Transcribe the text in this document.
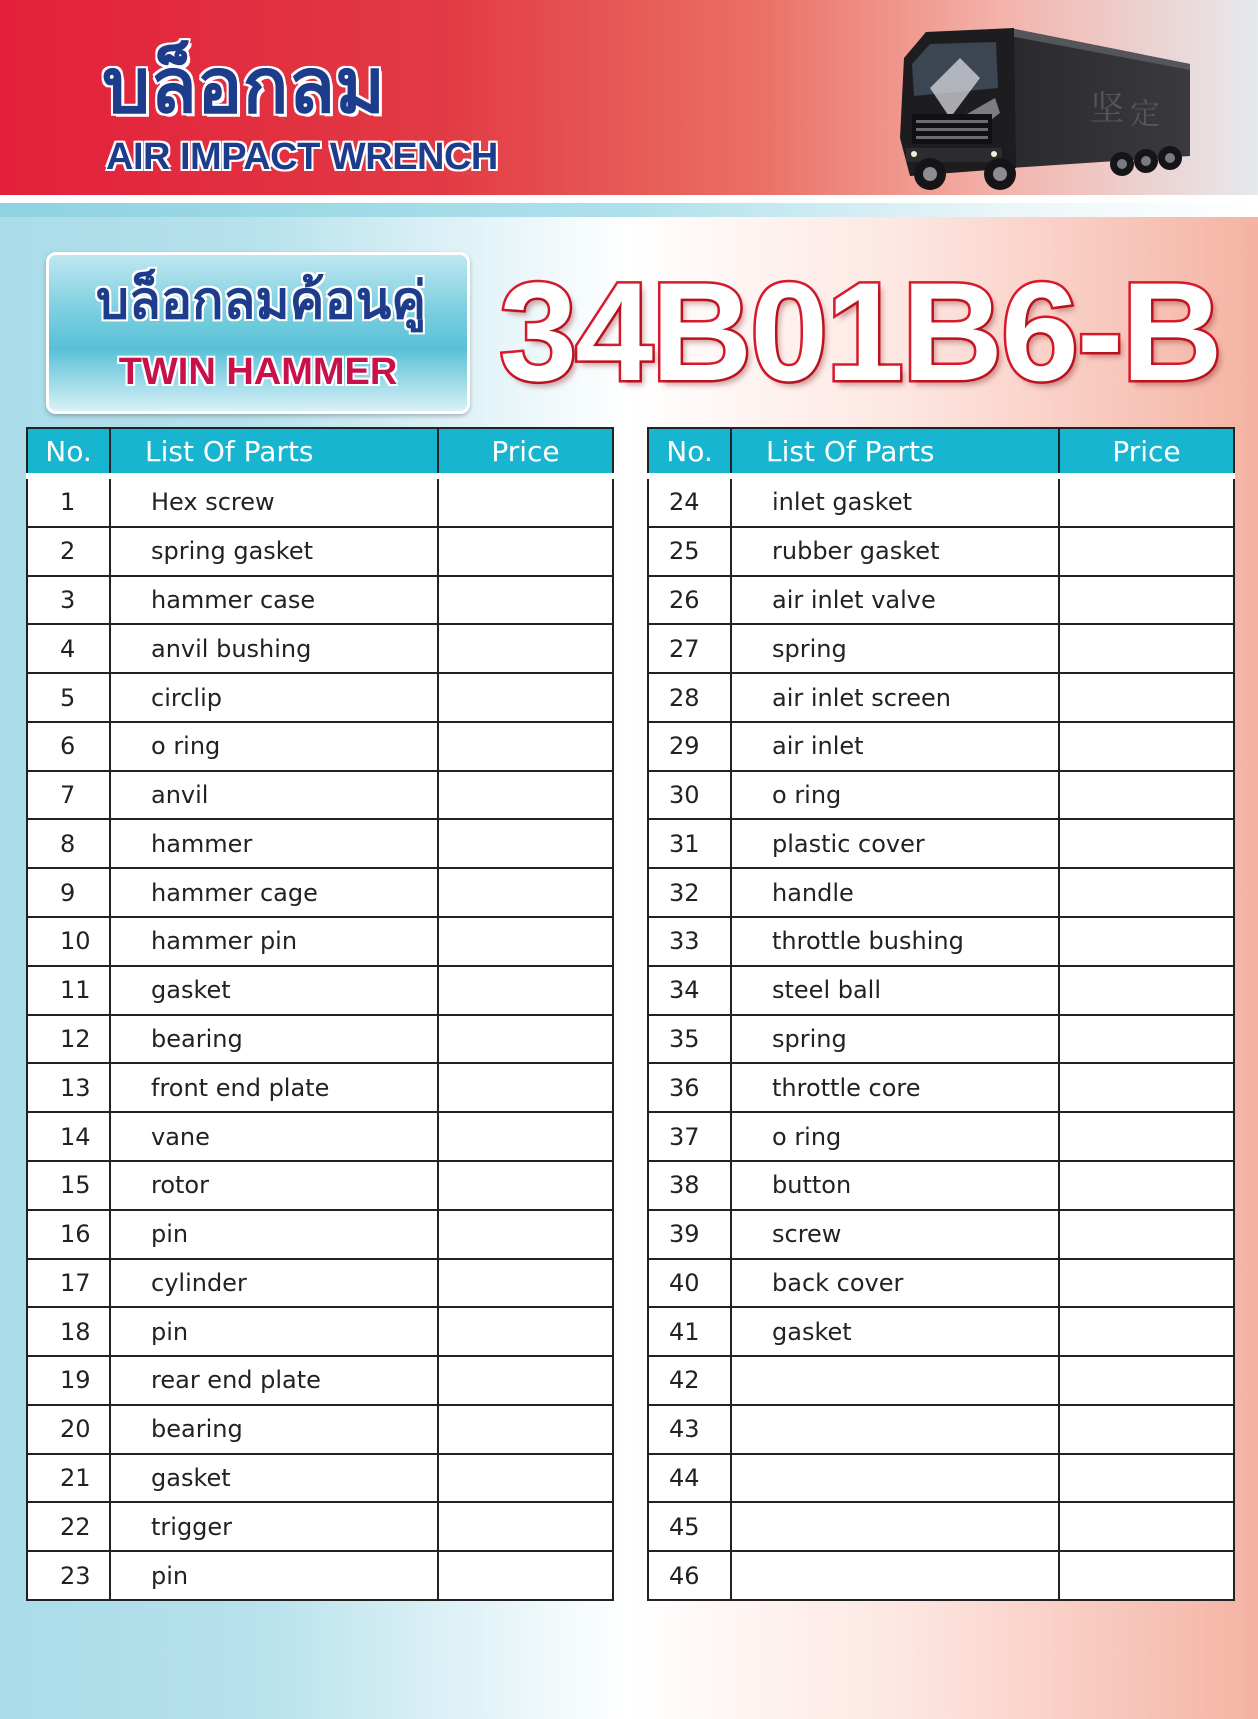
บล็อกลม
AIR IMPACT WRENCH
坚 定
บล็อกลมค้อนคู่
TWIN HAMMER 34B01B6-B
No.	List Of Parts	Price
1	Hex screw	
2	spring gasket	
3	hammer case	
4	anvil bushing	
5	circlip	
6	o ring	
7	anvil	
8	hammer	
9	hammer cage	
10	hammer pin	
11	gasket	
12	bearing	
13	front end plate	
14	vane	
15	rotor	
16	pin	
17	cylinder	
18	pin	
19	rear end plate	
20	bearing	
21	gasket	
22	trigger	
23	pin	
No.	List Of Parts	Price
24	inlet gasket	
25	rubber gasket	
26	air inlet valve	
27	spring	
28	air inlet screen	
29	air inlet	
30	o ring	
31	plastic cover	
32	handle	
33	throttle bushing	
34	steel ball	
35	spring	
36	throttle core	
37	o ring	
38	button	
39	screw	
40	back cover	
41	gasket	
42		
43		
44		
45		
46		
